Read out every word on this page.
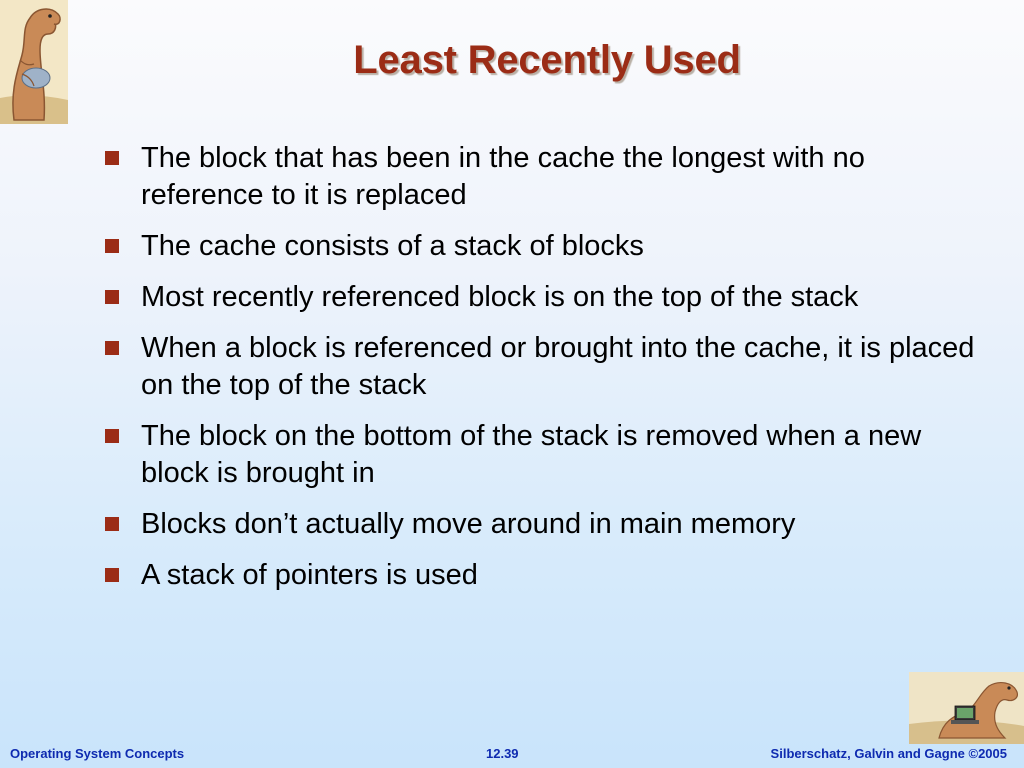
Least Recently Used
The block that has been in the cache the longest with no reference to it is replaced
The cache consists of a stack of blocks
Most recently referenced block is on the top of the stack
When a block is referenced or brought into the cache, it is placed on the top of the stack
The block on the bottom of the stack is removed when a new block is brought in
Blocks don’t actually move around in main memory
A stack of pointers is used
Operating System Concepts	12.39	Silberschatz, Galvin and Gagne ©2005
